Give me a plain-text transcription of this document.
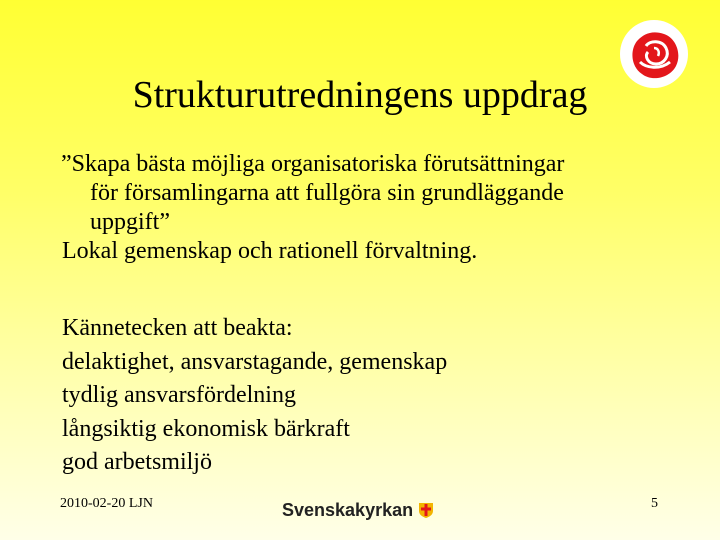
Strukturutredningens uppdrag
”Skapa bästa möjliga organisatoriska förutsättningar
för församlingarna att fullgöra sin grundläggande
uppgift”
Lokal gemenskap och rationell förvaltning.
Kännetecken att beakta:
delaktighet, ansvarstagande, gemenskap
tydlig ansvarsfördelning
långsiktig ekonomisk bärkraft
god arbetsmiljö
2010-02-20 LJN	Svenskakyrkan	5
